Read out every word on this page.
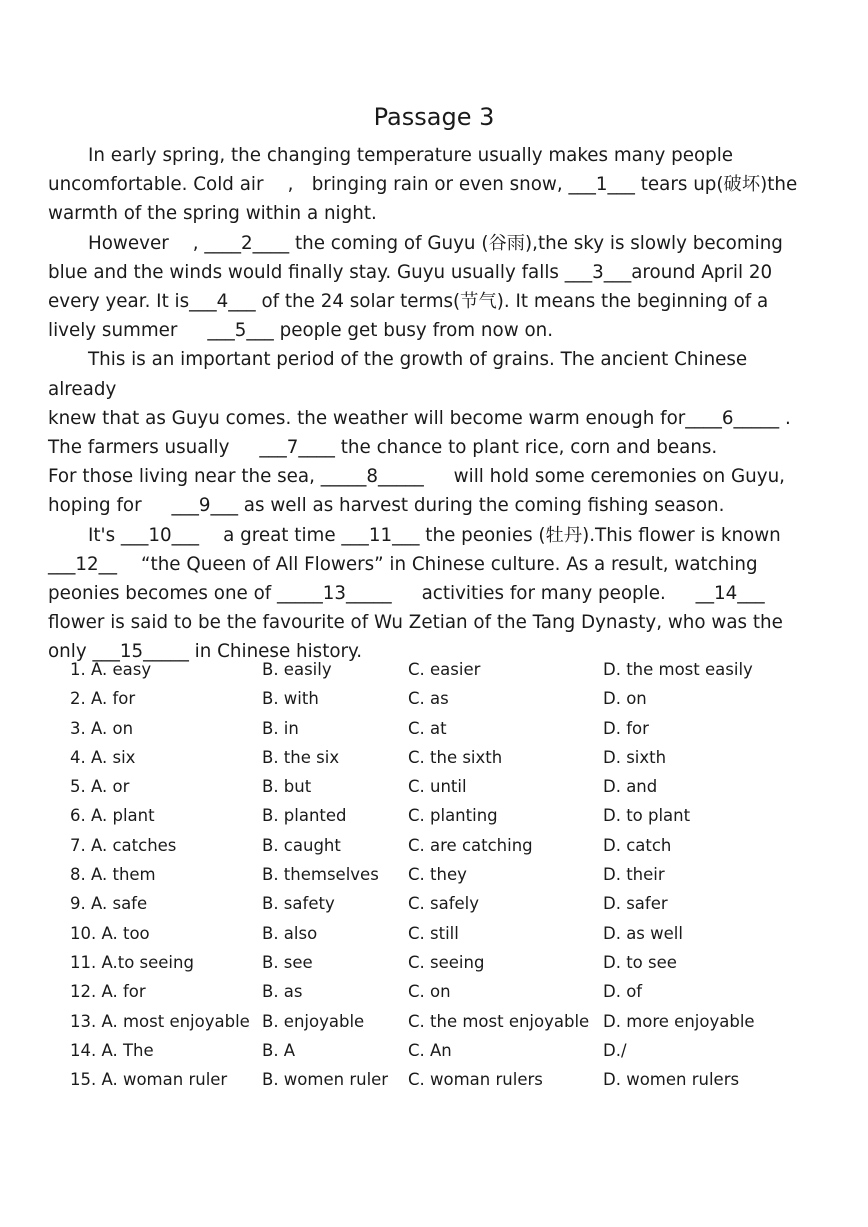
Passage 3

In early spring, the changing temperature usually makes many people
uncomfortable. Cold air 　,　bringing rain or even snow, ___1___ tears up(破坏)the
warmth of the spring within a night.

However 　, ____2____ the coming of Guyu (谷雨),the sky is slowly becoming
blue and the winds would finally stay. Guyu usually falls ___3___around April 20
every year. It is___4___ of the 24 solar terms(节气). It means the beginning of a
lively summer 　 ___5___ people get busy from now on.

This is an important period of the growth of grains. The ancient Chinese already
knew that as Guyu comes. the weather will become warm enough for____6_____ .
The farmers usually 　 ___7____ the chance to plant rice, corn and beans.
For those living near the sea, _____8_____ 　 will hold some ceremonies on Guyu,
hoping for 　 ___9___ as well as harvest during the coming fishing season.

It's ___10___ 　a great time ___11___ the peonies (牡丹).This flower is known
___12__ 　“the Queen of All Flowers” in Chinese culture. As a result, watching
peonies becomes one of _____13_____ 　 activities for many people. 　 __14___
flower is said to be the favourite of Wu Zetian of the Tang Dynasty, who was the
only ___15_____ in Chinese history.

1. A. easy	B. easily	C. easier	D. the most easily
2. A. for	B. with	C. as	D. on
3. A. on	B. in	C. at	D. for
4. A. six	B. the six	C. the sixth	D. sixth
5. A. or	B. but	C. until	D. and
6. A. plant	B. planted	C. planting	D. to plant
7. A. catches	B. caught	C. are catching	D. catch
8. A. them	B. themselves C. they	D. their
9. A. safe	B. safety	C. safely	D. safer
10. A. too	B. also	C. still	D. as well
11. A.to seeing	B. see	C. seeing	D. to see
12. A. for	B. as	C. on	D. of
13. A. most enjoyable B. enjoyable	C. the most enjoyable D. more enjoyable
14. A. The	B. A	C. An	D./
15. A. woman ruler B. women ruler C. woman rulers	D. women rulers
